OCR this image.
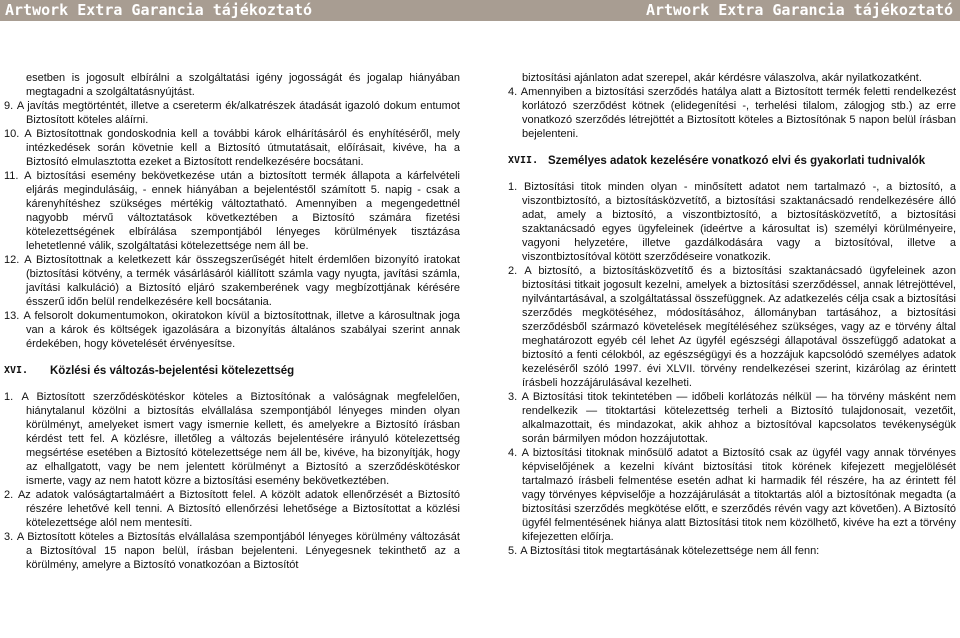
Artwork Extra Garancia tájékoztató	Artwork Extra Garancia tájékoztató

esetben is jogosult elbírálni a szolgáltatási igény jogosságát és jogalap hiányában megtagadni a szolgáltatásnyújtást.

9. A javítás megtörténtét, illetve a csereterm ék/alkatrészek átadását igazoló dokum entumot Biztosított köteles aláírni.

10. A Biztosítottnak gondoskodnia kell a további károk elhárításáról és enyhítéséről, mely intézkedések során követnie kell a Biztosító útmutatásait, előírásait, kivéve, ha a Biztosító elmulasztotta ezeket a Biztosított rendelkezésére bocsátani.

11. A biztosítási esemény bekövetkezése után a biztosított termék állapota a kárfelvételi eljárás megindulásáig, - ennek hiányában a bejelentéstől számított 5. napig - csak a kárenyhítéshez szükséges mértékig változtatható. Amennyiben a megengedettnél nagyobb mérvű változtatások következtében a Biztosító számára fizetési kötelezettségének elbírálása szempontjából lényeges körülmények tisztázása lehetetlenné válik, szolgáltatási kötelezettsége nem áll be.

12. A Biztosítottnak a keletkezett kár összegszerűségét hitelt érdemlően bizonyító iratokat (biztosítási kötvény, a termék vásárlásáról kiállított számla vagy nyugta, javítási számla, javítási kalkuláció) a Biztosító eljáró szakemberének vagy megbízottjának kérésére ésszerű időn belül rendelkezésére kell bocsátania.

13. A felsorolt dokumentumokon, okiratokon kívül a biztosítottnak, illetve a károsultnak joga van a károk és költségek igazolására a bizonyítás általános szabályai szerint annak érdekében, hogy követelését érvényesítse.

XVI.	Közlési és változás-bejelentési kötelezettség

1. A Biztosított szerződéskötéskor köteles a Biztosítónak a valóságnak megfelelően, hiánytalanul közölni a biztosítás elvállalása szempontjából lényeges minden olyan körülményt, amelyeket ismert vagy ismernie kellett, és amelyekre a Biztosító írásban kérdést tett fel. A közlésre, illetőleg a változás bejelentésére irányuló kötelezettség megsértése esetében a Biztosító kötelezettsége nem áll be, kivéve, ha bizonyítják, hogy az elhallgatott, vagy be nem jelentett körülményt a Biztosító a szerződéskötéskor ismerte, vagy az nem hatott közre a biztosítási esemény bekövetkeztében.

2. Az adatok valóságtartalmáért a Biztosított felel. A közölt adatok ellenőrzését a Biztosító részére lehetővé kell tenni. A Biztosító ellenőrzési lehetősége a Biztosítottat a közlési kötelezettsége alól nem mentesíti.

3. A Biztosított köteles a Biztosítás elvállalása szempontjából lényeges körülmény változását a Biztosítóval 15 napon belül, írásban bejelenteni. Lényegesnek tekinthető az a körülmény, amelyre a Biztosító vonatkozóan a Biztosítót

biztosítási ajánlaton adat szerepel, akár kérdésre válaszolva, akár nyilatkozatként.

4. Amennyiben a biztosítási szerződés hatálya alatt a Biztosított termék feletti rendelkezést korlátozó szerződést kötnek (elidegenítési -, terhelési tilalom, zálogjog stb.) az erre vonatkozó szerződés létrejöttét a Biztosított köteles a Biztosítónak 5 napon belül írásban bejelenteni.

XVII. Személyes adatok kezelésére vonatkozó elvi és gyakorlati tudnivalók

1. Biztosítási titok minden olyan - minősített adatot nem tartalmazó -, a biztosító, a viszontbiztosító, a biztosításközvetítő, a biztosítási szaktanácsadó rendelkezésére álló adat, amely a biztosító, a viszontbiztosító, a biztosításközvetítő, a biztosítási szaktanácsadó egyes ügyfeleinek (ideértve a károsultat is) személyi körülményeire, vagyoni helyzetére, illetve gazdálkodására vagy a biztosítóval, illetve a viszontbiztosítóval kötött szerződéseire vonatkozik.

2. A biztosító, a biztosításközvetítő és a biztosítási szaktanácsadó ügyfeleinek azon biztosítási titkait jogosult kezelni, amelyek a biztosítási szerződéssel, annak létrejöttével, nyilvántartásával, a szolgáltatással összefüggnek. Az adatkezelés célja csak a biztosítási szerződés megkötéséhez, módosításához, állományban tartásához, a biztosítási szerződésből származó követelések megítéléséhez szükséges, vagy az e törvény által meghatározott egyéb cél lehet Az ügyfél egészségi állapotával összefüggő adatokat a biztosító a fenti célokból, az egészségügyi és a hozzájuk kapcsolódó személyes adatok kezeléséről szóló 1997. évi XLVII. törvény rendelkezései szerint, kizárólag az érintett írásbeli hozzájárulásával kezelheti.

3. A Biztosítási titok tekintetében — időbeli korlátozás nélkül — ha törvény másként nem rendelkezik — titoktartási kötelezettség terheli a Biztosító tulajdonosait, vezetőit, alkalmazottait, és mindazokat, akik ahhoz a biztosítóval kapcsolatos tevékenységük során bármilyen módon hozzájutottak.

4. A biztosítási titoknak minősülő adatot a Biztosító csak az ügyfél vagy annak törvényes képviselőjének a kezelni kívánt biztosítási titok körének kifejezett megjelölését tartalmazó írásbeli felmentése esetén adhat ki harmadik fél részére, ha az érintett fél vagy törvényes képviselője a hozzájárulását a titoktartás alól a biztosítónak megadta (a biztosítási szerződés megkötése előtt, e szerződés révén vagy azt követően). A Biztosító ügyfél felmentésének hiánya alatt Biztosítási titok nem közölhető, kivéve ha ezt a törvény kifejezetten előírja.

5. A Biztosítási titok megtartásának kötelezettsége nem áll fenn:
